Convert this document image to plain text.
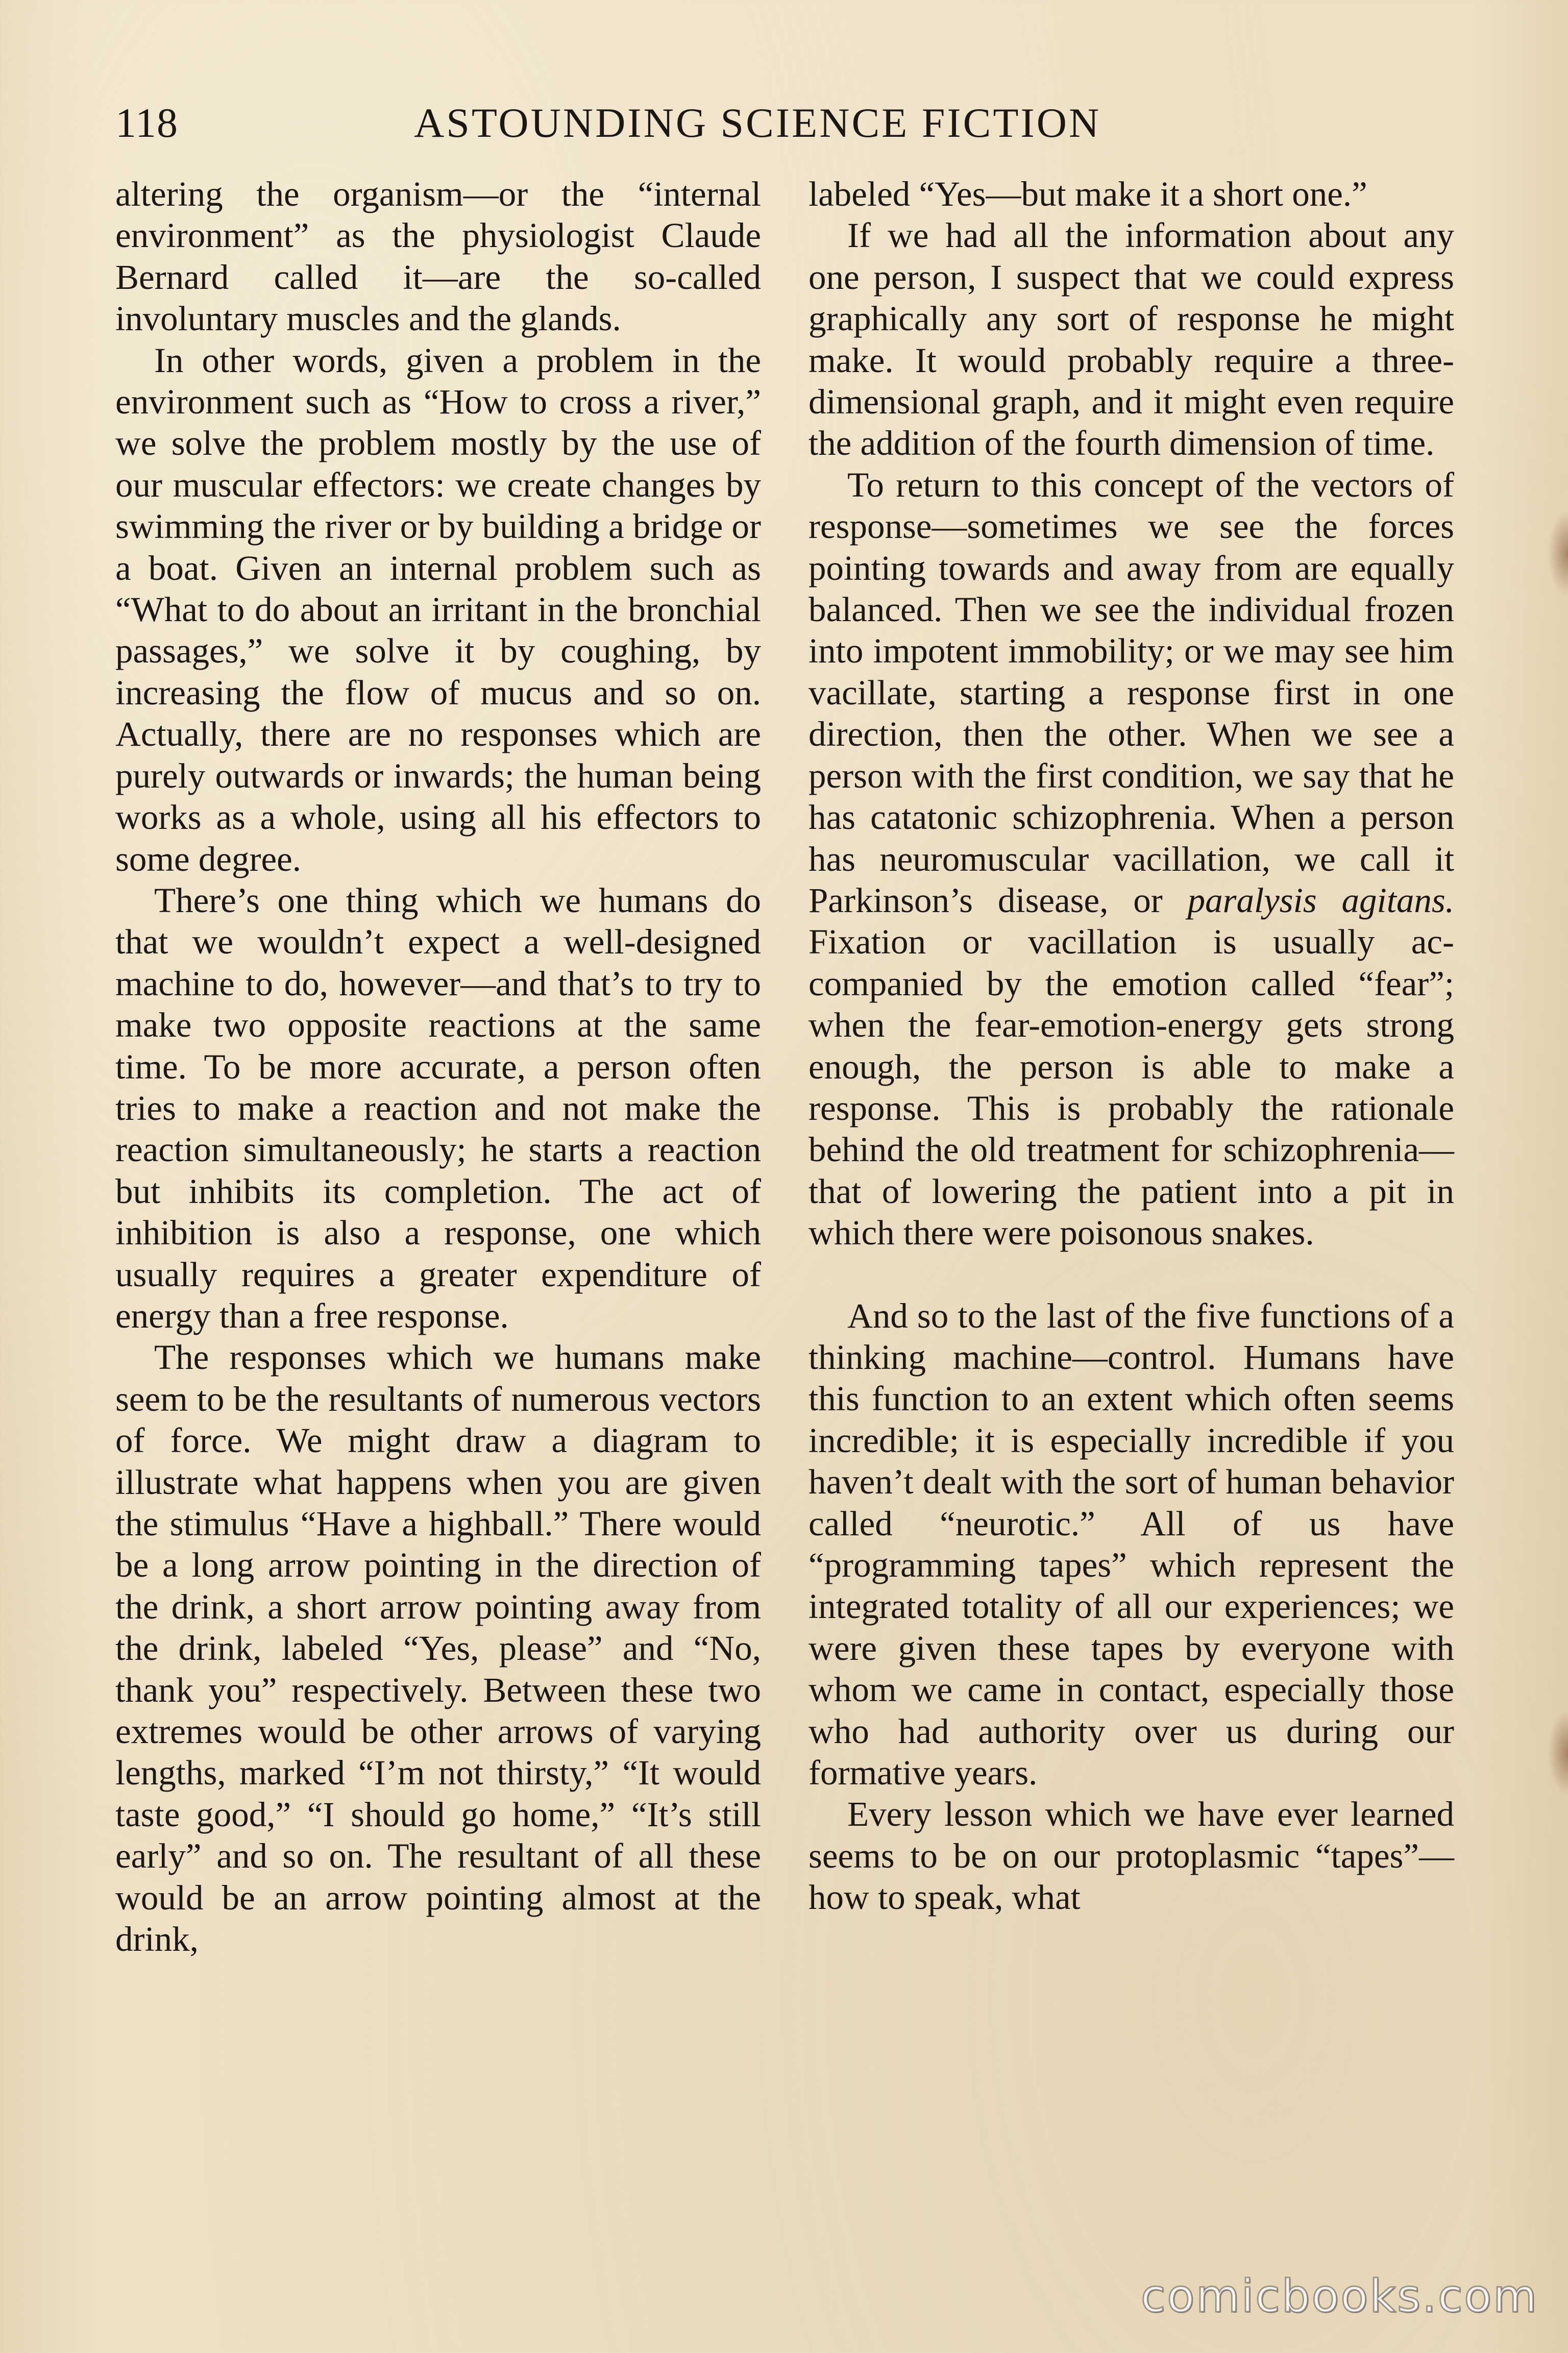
118	ASTOUNDING SCIENCE FICTION

altering the organism—or the “internal environment” as the physiologist Claude Bernard called it—are the so-called involuntary muscles and the glands.

In other words, given a problem in the environment such as “How to cross a river,” we solve the problem mostly by the use of our muscular effectors: we create changes by swimming the river or by building a bridge or a boat. Given an internal problem such as “What to do about an irritant in the bronchial passages,” we solve it by coughing, by increasing the flow of mucus and so on. Actually, there are no responses which are purely outwards or inwards; the human being works as a whole, using all his effectors to some degree.

There’s one thing which we humans do that we wouldn’t expect a well-designed machine to do, however—and that’s to try to make two opposite reactions at the same time. To be more accurate, a person often tries to make a reaction and not make the reaction simultaneously; he starts a reaction but inhibits its completion. The act of inhibition is also a response, one which usually requires a greater expenditure of energy than a free response.

The responses which we humans make seem to be the resultants of numerous vectors of force. We might draw a diagram to illustrate what happens when you are given the stimulus “Have a highball.” There would be a long arrow pointing in the direction of the drink, a short arrow pointing away from the drink, labeled “Yes, please” and “No, thank you” respectively. Between these two extremes would be other arrows of varying lengths, marked “I’m not thirsty,” “It would taste good,” “I should go home,” “It’s still early” and so on. The resultant of all these would be an arrow pointing almost at the drink,

labeled “Yes—but make it a short one.”

If we had all the information about any one person, I suspect that we could express graphically any sort of response he might make. It would probably require a three-dimensional graph, and it might even require the addition of the fourth dimension of time.

To return to this concept of the vectors of response—sometimes we see the forces pointing towards and away from are equally balanced. Then we see the individual frozen into impotent immobility; or we may see him vacillate, starting a response first in one direction, then the other. When we see a person with the first condition, we say that he has catatonic schizophrenia. When a person has neuromuscular vacillation, we call it Parkinson’s disease, or paralysis agitans. Fixation or vacillation is usually accompanied by the emotion called “fear”; when the fear-emotion-energy gets strong enough, the person is able to make a response. This is probably the rationale behind the old treatment for schizophrenia—that of lowering the patient into a pit in which there were poisonous snakes.

And so to the last of the five functions of a thinking machine—control. Humans have this function to an extent which often seems incredible; it is especially incredible if you haven’t dealt with the sort of human behavior called “neurotic.” All of us have “programming tapes” which represent the integrated totality of all our experiences; we were given these tapes by everyone with whom we came in contact, especially those who had authority over us during our formative years.

Every lesson which we have ever learned seems to be on our protoplasmic “tapes”—how to speak, what

comicbooks.com
